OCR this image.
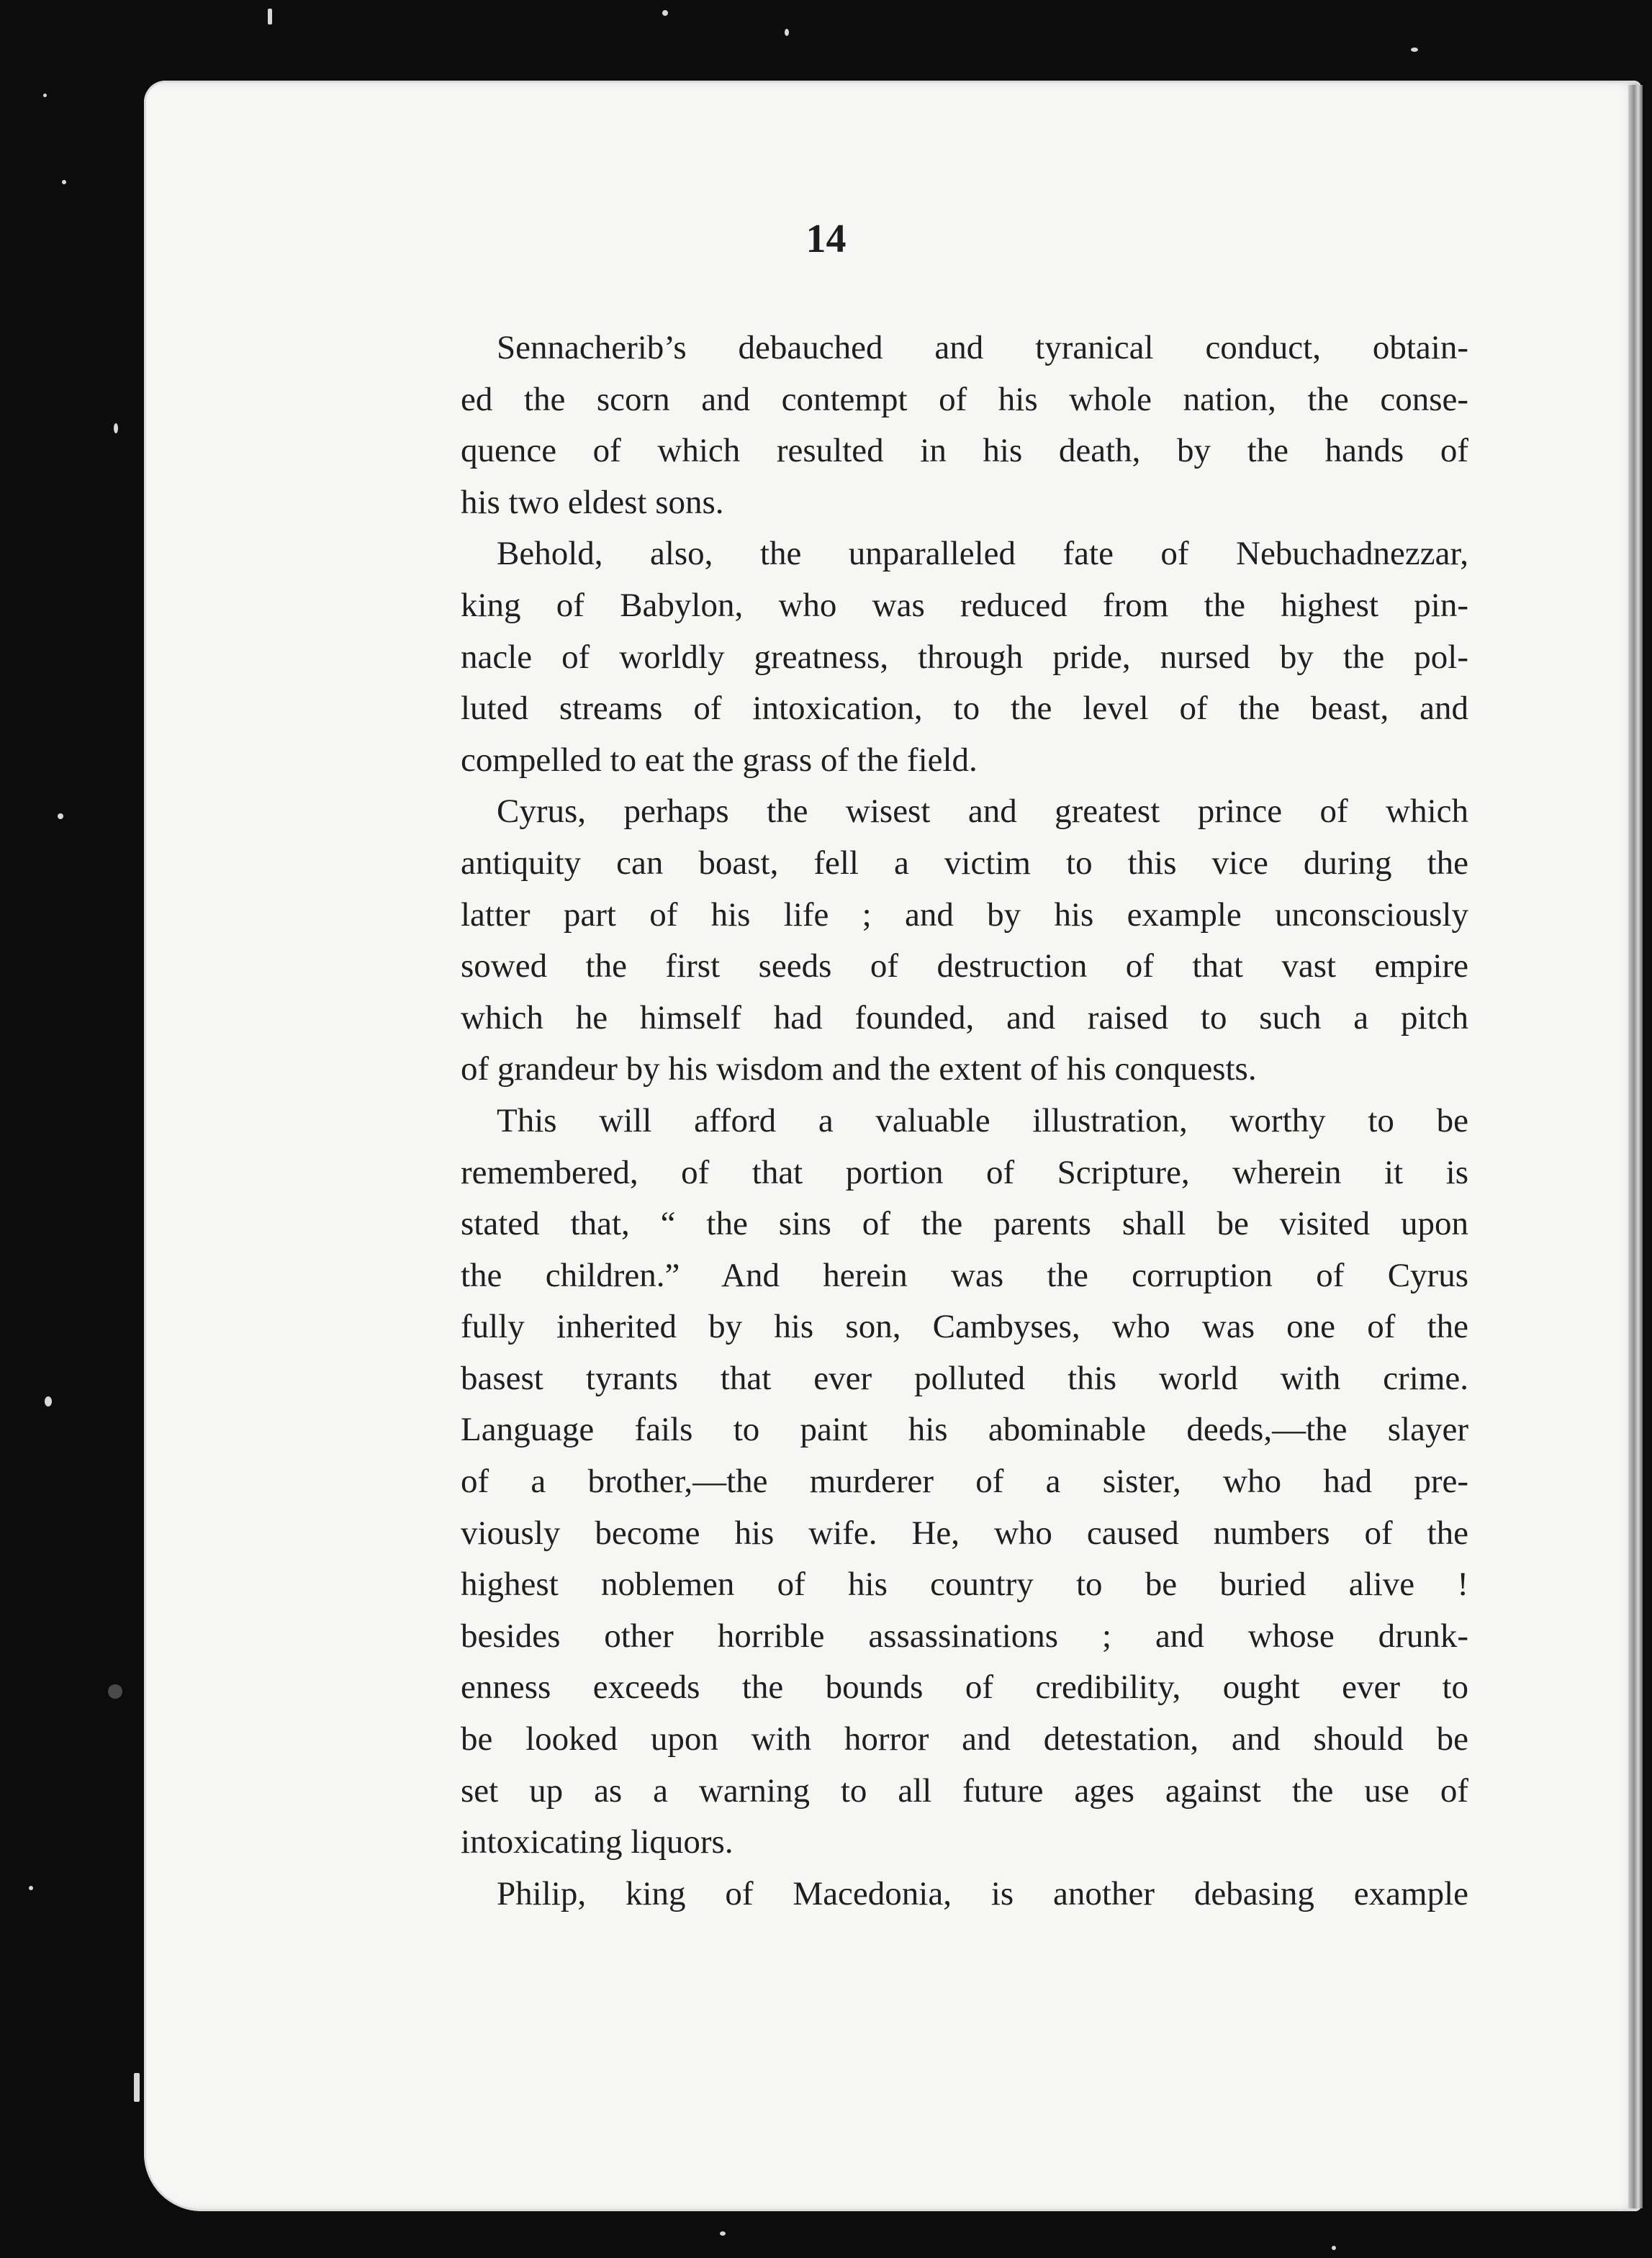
14
Sennacherib’s debauched and tyranical conduct, obtain-
ed the scorn and contempt of his whole nation, the conse-
quence of which resulted in his death, by the hands of
his two eldest sons.
Behold, also, the unparalleled fate of Nebuchadnezzar,
king of Babylon, who was reduced from the highest pin-
nacle of worldly greatness, through pride, nursed by the pol-
luted streams of intoxication, to the level of the beast, and
compelled to eat the grass of the field.
Cyrus, perhaps the wisest and greatest prince of which
antiquity can boast, fell a victim to this vice during the
latter part of his life ; and by his example unconsciously
sowed the first seeds of destruction of that vast empire
which he himself had founded, and raised to such a pitch
of grandeur by his wisdom and the extent of his conquests.
This will afford a valuable illustration, worthy to be
remembered, of that portion of Scripture, wherein it is
stated that, “ the sins of the parents shall be visited upon
the children.” And herein was the corruption of Cyrus
fully inherited by his son, Cambyses, who was one of the
basest tyrants that ever polluted this world with crime.
Language fails to paint his abominable deeds,—the slayer
of a brother,—the murderer of a sister, who had pre-
viously become his wife. He, who caused numbers of the
highest noblemen of his country to be buried alive !
besides other horrible assassinations ; and whose drunk-
enness exceeds the bounds of credibility, ought ever to
be looked upon with horror and detestation, and should be
set up as a warning to all future ages against the use of
intoxicating liquors.
Philip, king of Macedonia, is another debasing example
